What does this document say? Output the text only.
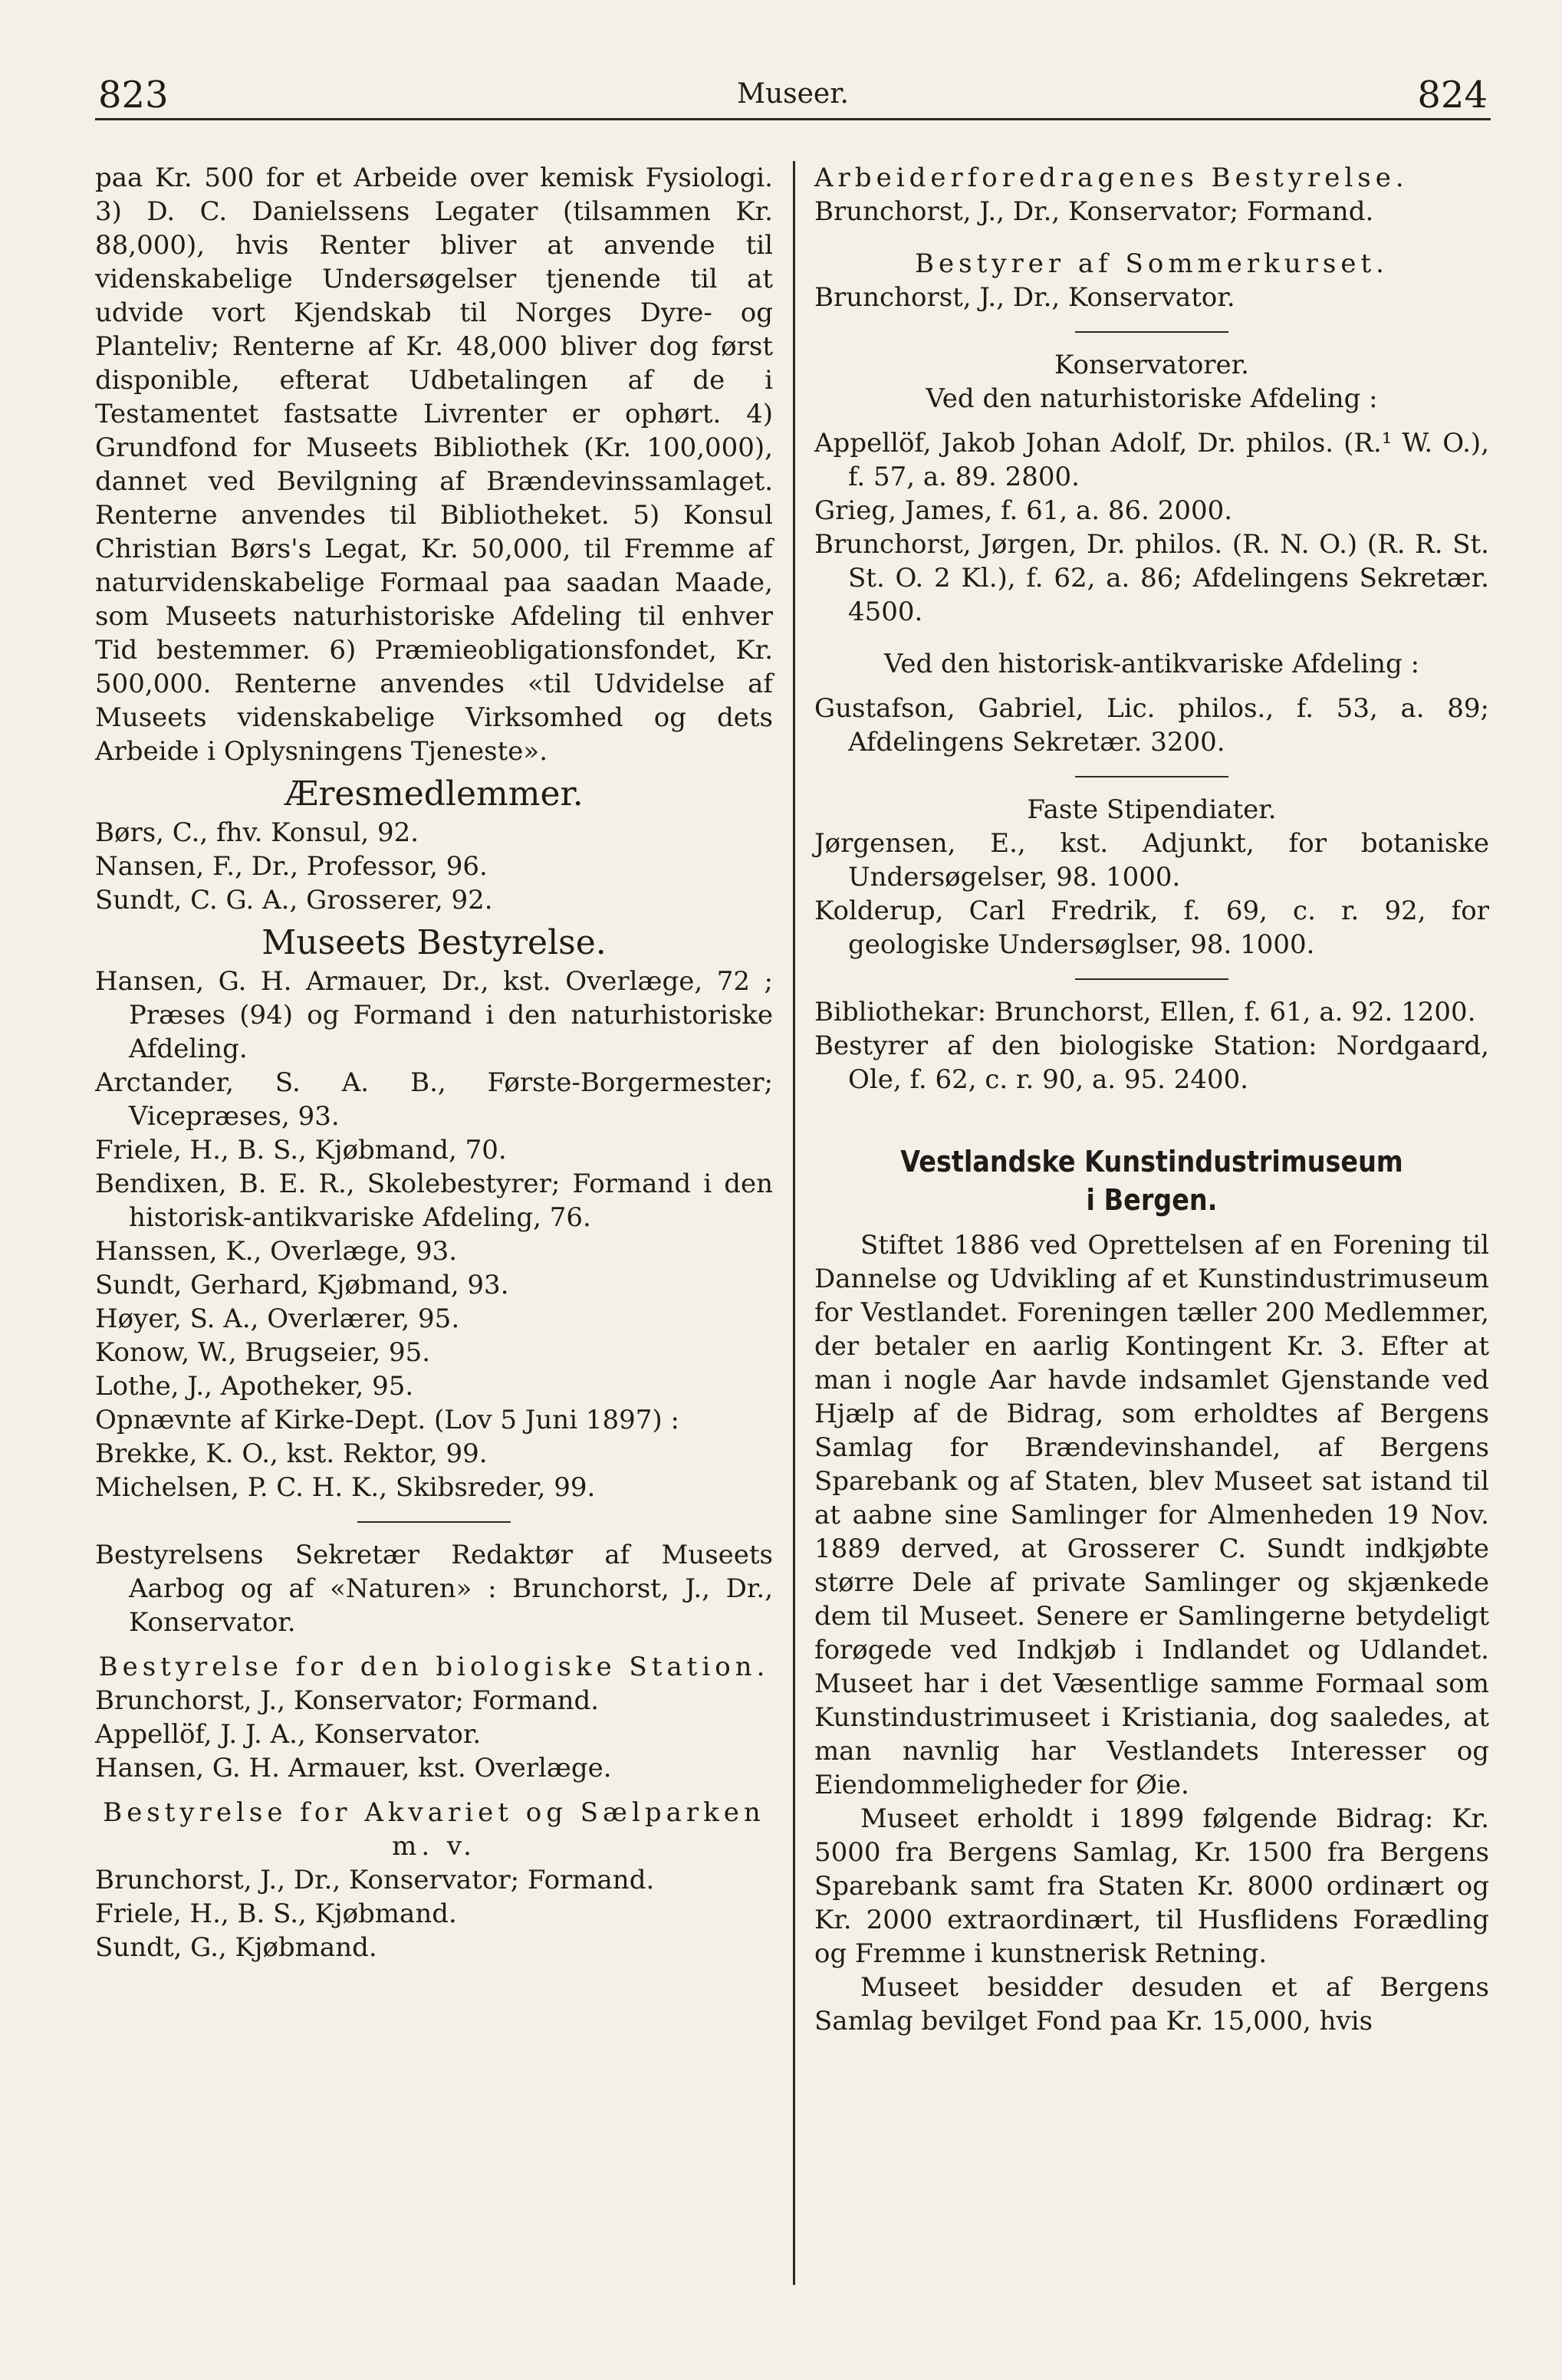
823	Museer.	824

paa Kr. 500 for et Arbeide over kemisk Fysiologi. 3) D. C. Danielssens Legater (tilsammen Kr. 88,000), hvis Renter bliver at anvende til videnskabelige Undersøgelser tjenende til at udvide vort Kjendskab til Norges Dyre- og Planteliv; Renterne af Kr. 48,000 bliver dog først disponible, efterat Udbetalingen af de i Testamentet fastsatte Livrenter er ophørt. 4) Grundfond for Museets Bibliothek (Kr. 100,000), dannet ved Bevilgning af Brændevinssamlaget. Renterne anvendes til Bibliotheket. 5) Konsul Christian Børs's Legat, Kr. 50,000, til Fremme af naturvidenskabelige Formaal paa saadan Maade, som Museets naturhistoriske Afdeling til enhver Tid bestemmer. 6) Præmieobligationsfondet, Kr. 500,000. Renterne anvendes «til Udvidelse af Museets videnskabelige Virksomhed og dets Arbeide i Oplysningens Tjeneste».

Æresmedlemmer.

Børs, C., fhv. Konsul, 92.

Nansen, F., Dr., Professor, 96.

Sundt, C. G. A., Grosserer, 92.

Museets Bestyrelse.

Hansen, G. H. Armauer, Dr., kst. Overlæge, 72 ; Præses (94) og Formand i den naturhistoriske Afdeling.

Arctander, S. A. B., Første-Borgermester; Vicepræses, 93.

Friele, H., B. S., Kjøbmand, 70.

Bendixen, B. E. R., Skolebestyrer; Formand i den historisk-antikvariske Afdeling, 76.

Hanssen, K., Overlæge, 93.

Sundt, Gerhard, Kjøbmand, 93.

Høyer, S. A., Overlærer, 95.

Konow, W., Brugseier, 95.

Lothe, J., Apotheker, 95.

Opnævnte af Kirke-Dept. (Lov 5 Juni 1897) :

Brekke, K. O., kst. Rektor, 99.

Michelsen, P. C. H. K., Skibsreder, 99.

Bestyrelsens Sekretær Redaktør af Museets Aarbog og af «Naturen» : Brunchorst, J., Dr., Konservator.

Bestyrelse for den biologiske Station.

Brunchorst, J., Konservator; Formand.

Appellöf, J. J. A., Konservator.

Hansen, G. H. Armauer, kst. Overlæge.

Bestyrelse for Akvariet og Sælparken m. v.

Brunchorst, J., Dr., Konservator; Formand.

Friele, H., B. S., Kjøbmand.

Sundt, G., Kjøbmand.

Arbeiderforedragenes Bestyrelse.

Brunchorst, J., Dr., Konservator; Formand.

Bestyrer af Sommerkurset.

Brunchorst, J., Dr., Konservator.

Konservatorer.

Ved den naturhistoriske Afdeling :

Appellöf, Jakob Johan Adolf, Dr. philos. (R.¹ W. O.), f. 57, a. 89. 2800.

Grieg, James, f. 61, a. 86. 2000.

Brunchorst, Jørgen, Dr. philos. (R. N. O.) (R. R. St. St. O. 2 Kl.), f. 62, a. 86; Afdelingens Sekretær. 4500.

Ved den historisk-antikvariske Afdeling :

Gustafson, Gabriel, Lic. philos., f. 53, a. 89; Afdelingens Sekretær. 3200.

Faste Stipendiater.

Jørgensen, E., kst. Adjunkt, for botaniske Undersøgelser, 98. 1000.

Kolderup, Carl Fredrik, f. 69, c. r. 92, for geologiske Undersøglser, 98. 1000.

Bibliothekar: Brunchorst, Ellen, f. 61, a. 92. 1200.

Bestyrer af den biologiske Station: Nordgaard, Ole, f. 62, c. r. 90, a. 95. 2400.

Vestlandske Kunstindustrimuseum
i Bergen.

Stiftet 1886 ved Oprettelsen af en Forening til Dannelse og Udvikling af et Kunstindustrimuseum for Vestlandet. Foreningen tæller 200 Medlemmer, der betaler en aarlig Kontingent Kr. 3. Efter at man i nogle Aar havde indsamlet Gjenstande ved Hjælp af de Bidrag, som erholdtes af Bergens Samlag for Brændevinshandel, af Bergens Sparebank og af Staten, blev Museet sat istand til at aabne sine Samlinger for Almenheden 19 Nov. 1889 derved, at Grosserer C. Sundt indkjøbte større Dele af private Samlinger og skjænkede dem til Museet. Senere er Samlingerne betydeligt forøgede ved Indkjøb i Indlandet og Udlandet. Museet har i det Væsentlige samme Formaal som Kunstindustrimuseet i Kristiania, dog saaledes, at man navnlig har Vestlandets Interesser og Eiendommeligheder for Øie.

Museet erholdt i 1899 følgende Bidrag: Kr. 5000 fra Bergens Samlag, Kr. 1500 fra Bergens Sparebank samt fra Staten Kr. 8000 ordinært og Kr. 2000 extraordinært, til Husflidens Forædling og Fremme i kunstnerisk Retning.

Museet besidder desuden et af Bergens Samlag bevilget Fond paa Kr. 15,000, hvis
